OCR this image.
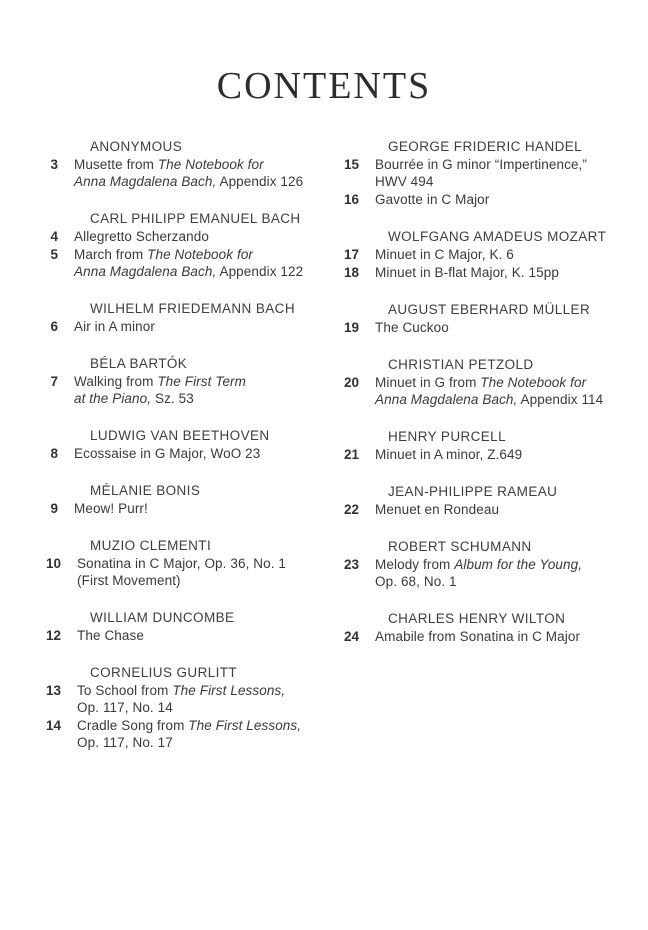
CONTENTS
ANONYMOUS
3	Musette from The Notebook for
Anna Magdalena Bach, Appendix 126
CARL PHILIPP EMANUEL BACH
4	Allegretto Scherzando
5	March from The Notebook for
Anna Magdalena Bach, Appendix 122
WILHELM FRIEDEMANN BACH
6	Air in A minor
BÉLA BARTÓK
7	Walking from The First Term
at the Piano, Sz. 53
LUDWIG VAN BEETHOVEN
8	Ecossaise in G Major, WoO 23
MÉLANIE BONIS
9	Meow! Purr!
MUZIO CLEMENTI
10	Sonatina in C Major, Op. 36, No. 1
(First Movement)
WILLIAM DUNCOMBE
12	The Chase
CORNELIUS GURLITT
13	To School from The First Lessons,
Op. 117, No. 14
14	Cradle Song from The First Lessons,
Op. 117, No. 17
GEORGE FRIDERIC HANDEL
15	Bourrée in G minor “Impertinence,”
HWV 494
16	Gavotte in C Major
WOLFGANG AMADEUS MOZART
17	Minuet in C Major, K. 6
18	Minuet in B-flat Major, K. 15pp
AUGUST EBERHARD MÜLLER
19	The Cuckoo
CHRISTIAN PETZOLD
20	Minuet in G from The Notebook for
Anna Magdalena Bach, Appendix 114
HENRY PURCELL
21	Minuet in A minor, Z.649
JEAN-PHILIPPE RAMEAU
22	Menuet en Rondeau
ROBERT SCHUMANN
23	Melody from Album for the Young,
Op. 68, No. 1
CHARLES HENRY WILTON
24	Amabile from Sonatina in C Major
